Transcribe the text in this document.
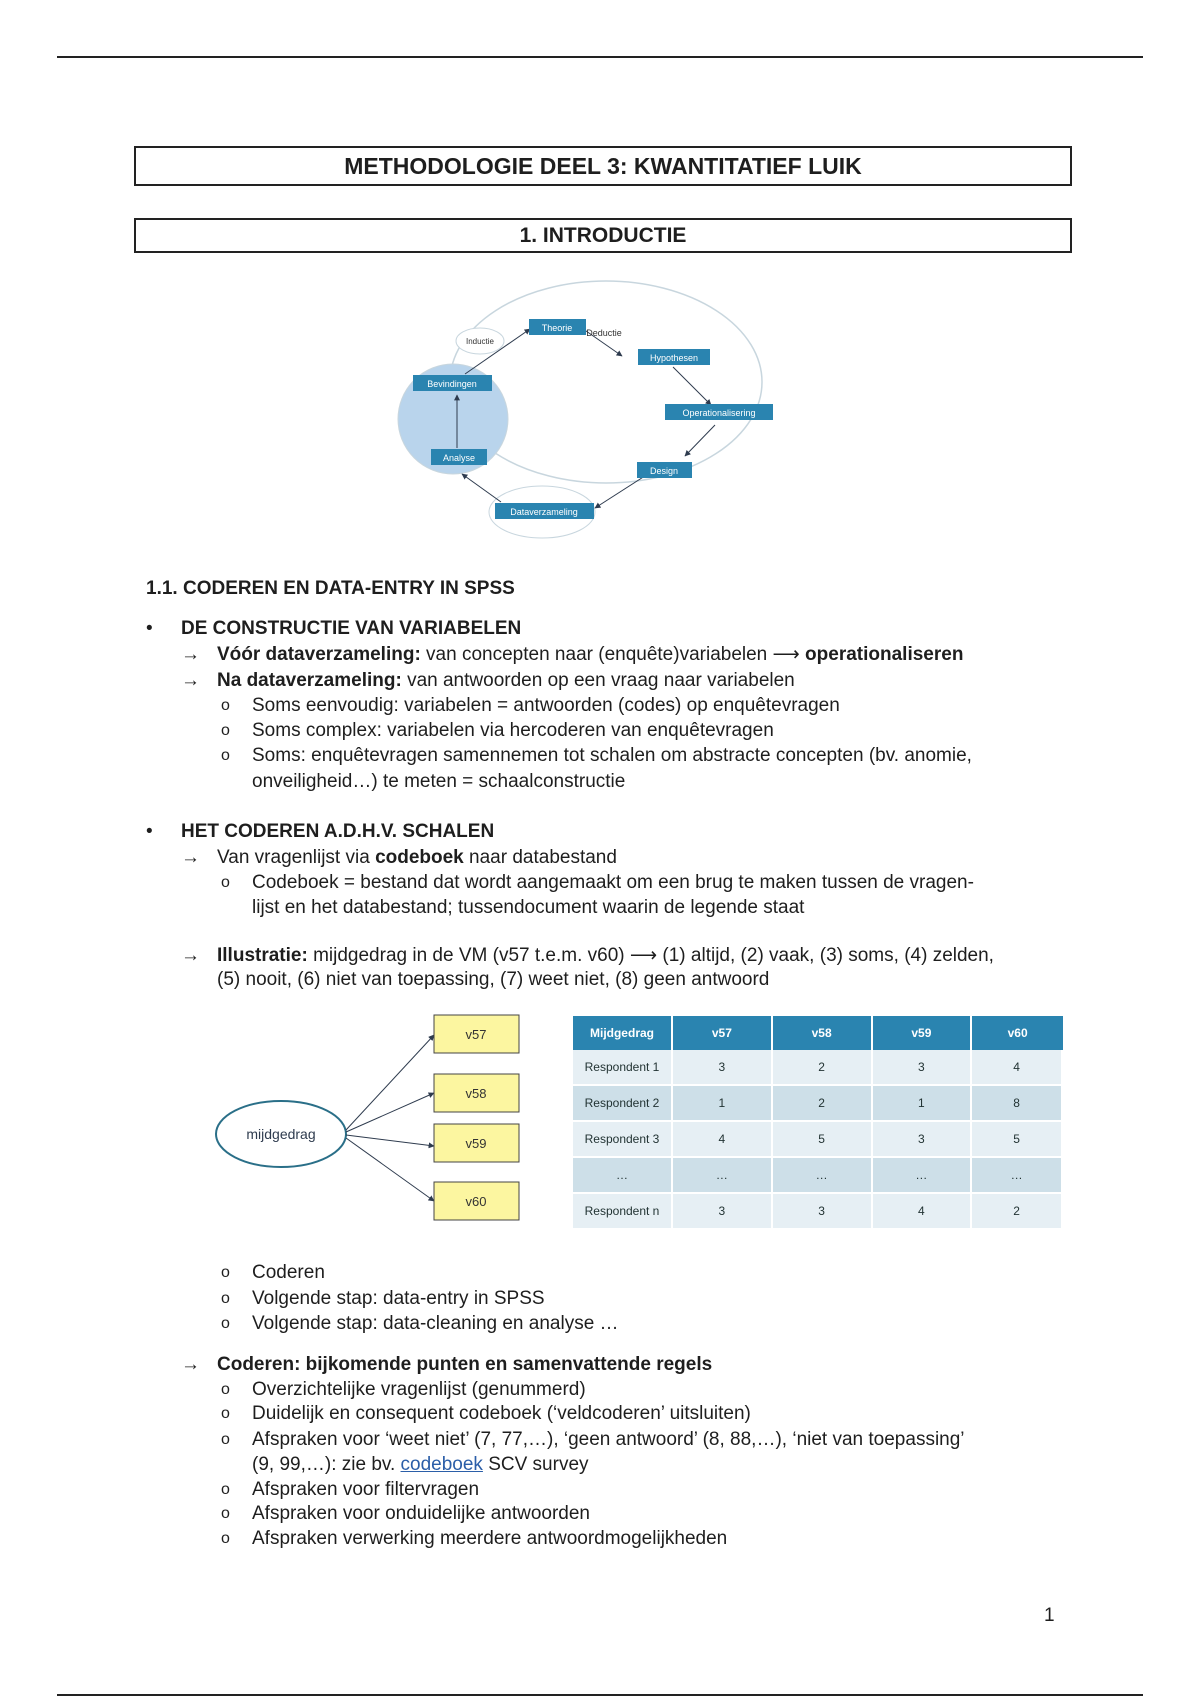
METHODOLOGIE DEEL 3: KWANTITATIEF LUIK
1. INTRODUCTIE
Theorie Deductie
Hypothesen
Operationalisering
Design
Dataverzameling
Analyse
Bevindingen
Inductie
1.1. CODEREN EN DATA-ENTRY IN SPSS
• DE CONSTRUCTIE VAN VARIABELEN
→ Vóór dataverzameling: van concepten naar (enquête)variabelen ⟶ operationaliseren
→ Na dataverzameling: van antwoorden op een vraag naar variabelen
o Soms eenvoudig: variabelen = antwoorden (codes) op enquêtevragen
o Soms complex: variabelen via hercoderen van enquêtevragen
o Soms: enquêtevragen samennemen tot schalen om abstracte concepten (bv. anomie,
onveiligheid…) te meten = schaalconstructie
• HET CODEREN A.D.H.V. SCHALEN
→ Van vragenlijst via codeboek naar databestand
o Codeboek = bestand dat wordt aangemaakt om een brug te maken tussen de vragen-
lijst en het databestand; tussendocument waarin de legende staat
→ Illustratie: mijdgedrag in de VM (v57 t.e.m. v60) ⟶ (1) altijd, (2) vaak, (3) soms, (4) zelden,
(5) nooit, (6) niet van toepassing, (7) weet niet, (8) geen antwoord
mijdgedrag
v57
v58
v59
v60
Mijdgedrag	v57	v58	v59	v60
Respondent 1	3	2	3	4
Respondent 2	1	2	1	8
Respondent 3	4	5	3	5
…	…	…	…	…
Respondent n	3	3	4	2
o Coderen
o Volgende stap: data-entry in SPSS
o Volgende stap: data-cleaning en analyse …
→ Coderen: bijkomende punten en samenvattende regels
o Overzichtelijke vragenlijst (genummerd)
o Duidelijk en consequent codeboek (‘veldcoderen’ uitsluiten)
o Afspraken voor ‘weet niet’ (7, 77,…), ‘geen antwoord’ (8, 88,…), ‘niet van toepassing’
(9, 99,…): zie bv. codeboek SCV survey
o Afspraken voor filtervragen
o Afspraken voor onduidelijke antwoorden
o Afspraken verwerking meerdere antwoordmogelijkheden
1
